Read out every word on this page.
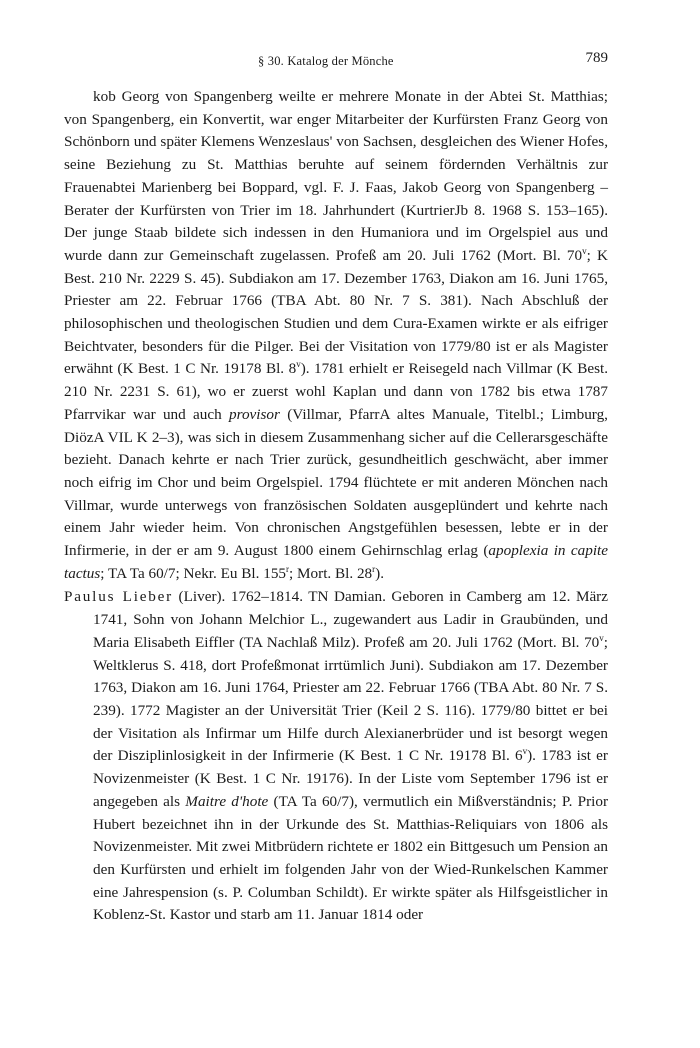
§ 30. Katalog der Mönche	789

kob Georg von Spangenberg weilte er mehrere Monate in der Abtei St. Matthias; von Spangenberg, ein Konvertit, war enger Mitarbeiter der Kurfürsten Franz Georg von Schönborn und später Klemens Wenzeslaus' von Sachsen, desgleichen des Wiener Hofes, seine Beziehung zu St. Matthias beruhte auf seinem fördernden Verhältnis zur Frauenabtei Marienberg bei Boppard, vgl. F. J. Faas, Jakob Georg von Spangenberg – Berater der Kurfürsten von Trier im 18. Jahrhundert (KurtrierJb 8. 1968 S. 153–165). Der junge Staab bildete sich indessen in den Humaniora und im Orgelspiel aus und wurde dann zur Gemeinschaft zugelassen. Profeß am 20. Juli 1762 (Mort. Bl. 70$^v$; K Best. 210 Nr. 2229 S. 45). Subdiakon am 17. Dezember 1763, Diakon am 16. Juni 1765, Priester am 22. Februar 1766 (TBA Abt. 80 Nr. 7 S. 381). Nach Abschluß der philosophischen und theologischen Studien und dem Cura-Examen wirkte er als eifriger Beichtvater, besonders für die Pilger. Bei der Visitation von 1779/80 ist er als Magister erwähnt (K Best. 1 C Nr. 19178 Bl. 8$^v$). 1781 erhielt er Reisegeld nach Villmar (K Best. 210 Nr. 2231 S. 61), wo er zuerst wohl Kaplan und dann von 1782 bis etwa 1787 Pfarrvikar war und auch provisor (Villmar, PfarrA altes Manuale, Titelbl.; Limburg, DiözA VIL K 2–3), was sich in diesem Zusammenhang sicher auf die Cellerarsgeschäfte bezieht. Danach kehrte er nach Trier zurück, gesundheitlich geschwächt, aber immer noch eifrig im Chor und beim Orgelspiel. 1794 flüchtete er mit anderen Mönchen nach Villmar, wurde unterwegs von französischen Soldaten ausgeplündert und kehrte nach einem Jahr wieder heim. Von chronischen Angstgefühlen besessen, lebte er in der Infirmerie, in der er am 9. August 1800 einem Gehirnschlag erlag (apoplexia in capite tactus; TA Ta 60/7; Nekr. Eu Bl. 155$^r$; Mort. Bl. 28$^r$).

Paulus Lieber (Liver). 1762–1814. TN Damian. Geboren in Camberg am 12. März 1741, Sohn von Johann Melchior L., zugewandert aus Ladir in Graubünden, und Maria Elisabeth Eiffler (TA Nachlaß Milz). Profeß am 20. Juli 1762 (Mort. Bl. 70$^v$; Weltklerus S. 418, dort Profeßmonat irrtümlich Juni). Subdiakon am 17. Dezember 1763, Diakon am 16. Juni 1764, Priester am 22. Februar 1766 (TBA Abt. 80 Nr. 7 S. 239). 1772 Magister an der Universität Trier (Keil 2 S. 116). 1779/80 bittet er bei der Visitation als Infirmar um Hilfe durch Alexianerbrüder und ist besorgt wegen der Disziplinlosigkeit in der Infirmerie (K Best. 1 C Nr. 19178 Bl. 6$^v$). 1783 ist er Novizenmeister (K Best. 1 C Nr. 19176). In der Liste vom September 1796 ist er angegeben als Maitre d'hote (TA Ta 60/7), vermutlich ein Mißverständnis; P. Prior Hubert bezeichnet ihn in der Urkunde des St. Matthias-Reliquiars von 1806 als Novizenmeister. Mit zwei Mitbrüdern richtete er 1802 ein Bittgesuch um Pension an den Kurfürsten und erhielt im folgenden Jahr von der Wied-Runkelschen Kammer eine Jahrespension (s. P. Columban Schildt). Er wirkte später als Hilfsgeistlicher in Koblenz-St. Kastor und starb am 11. Januar 1814 oder
